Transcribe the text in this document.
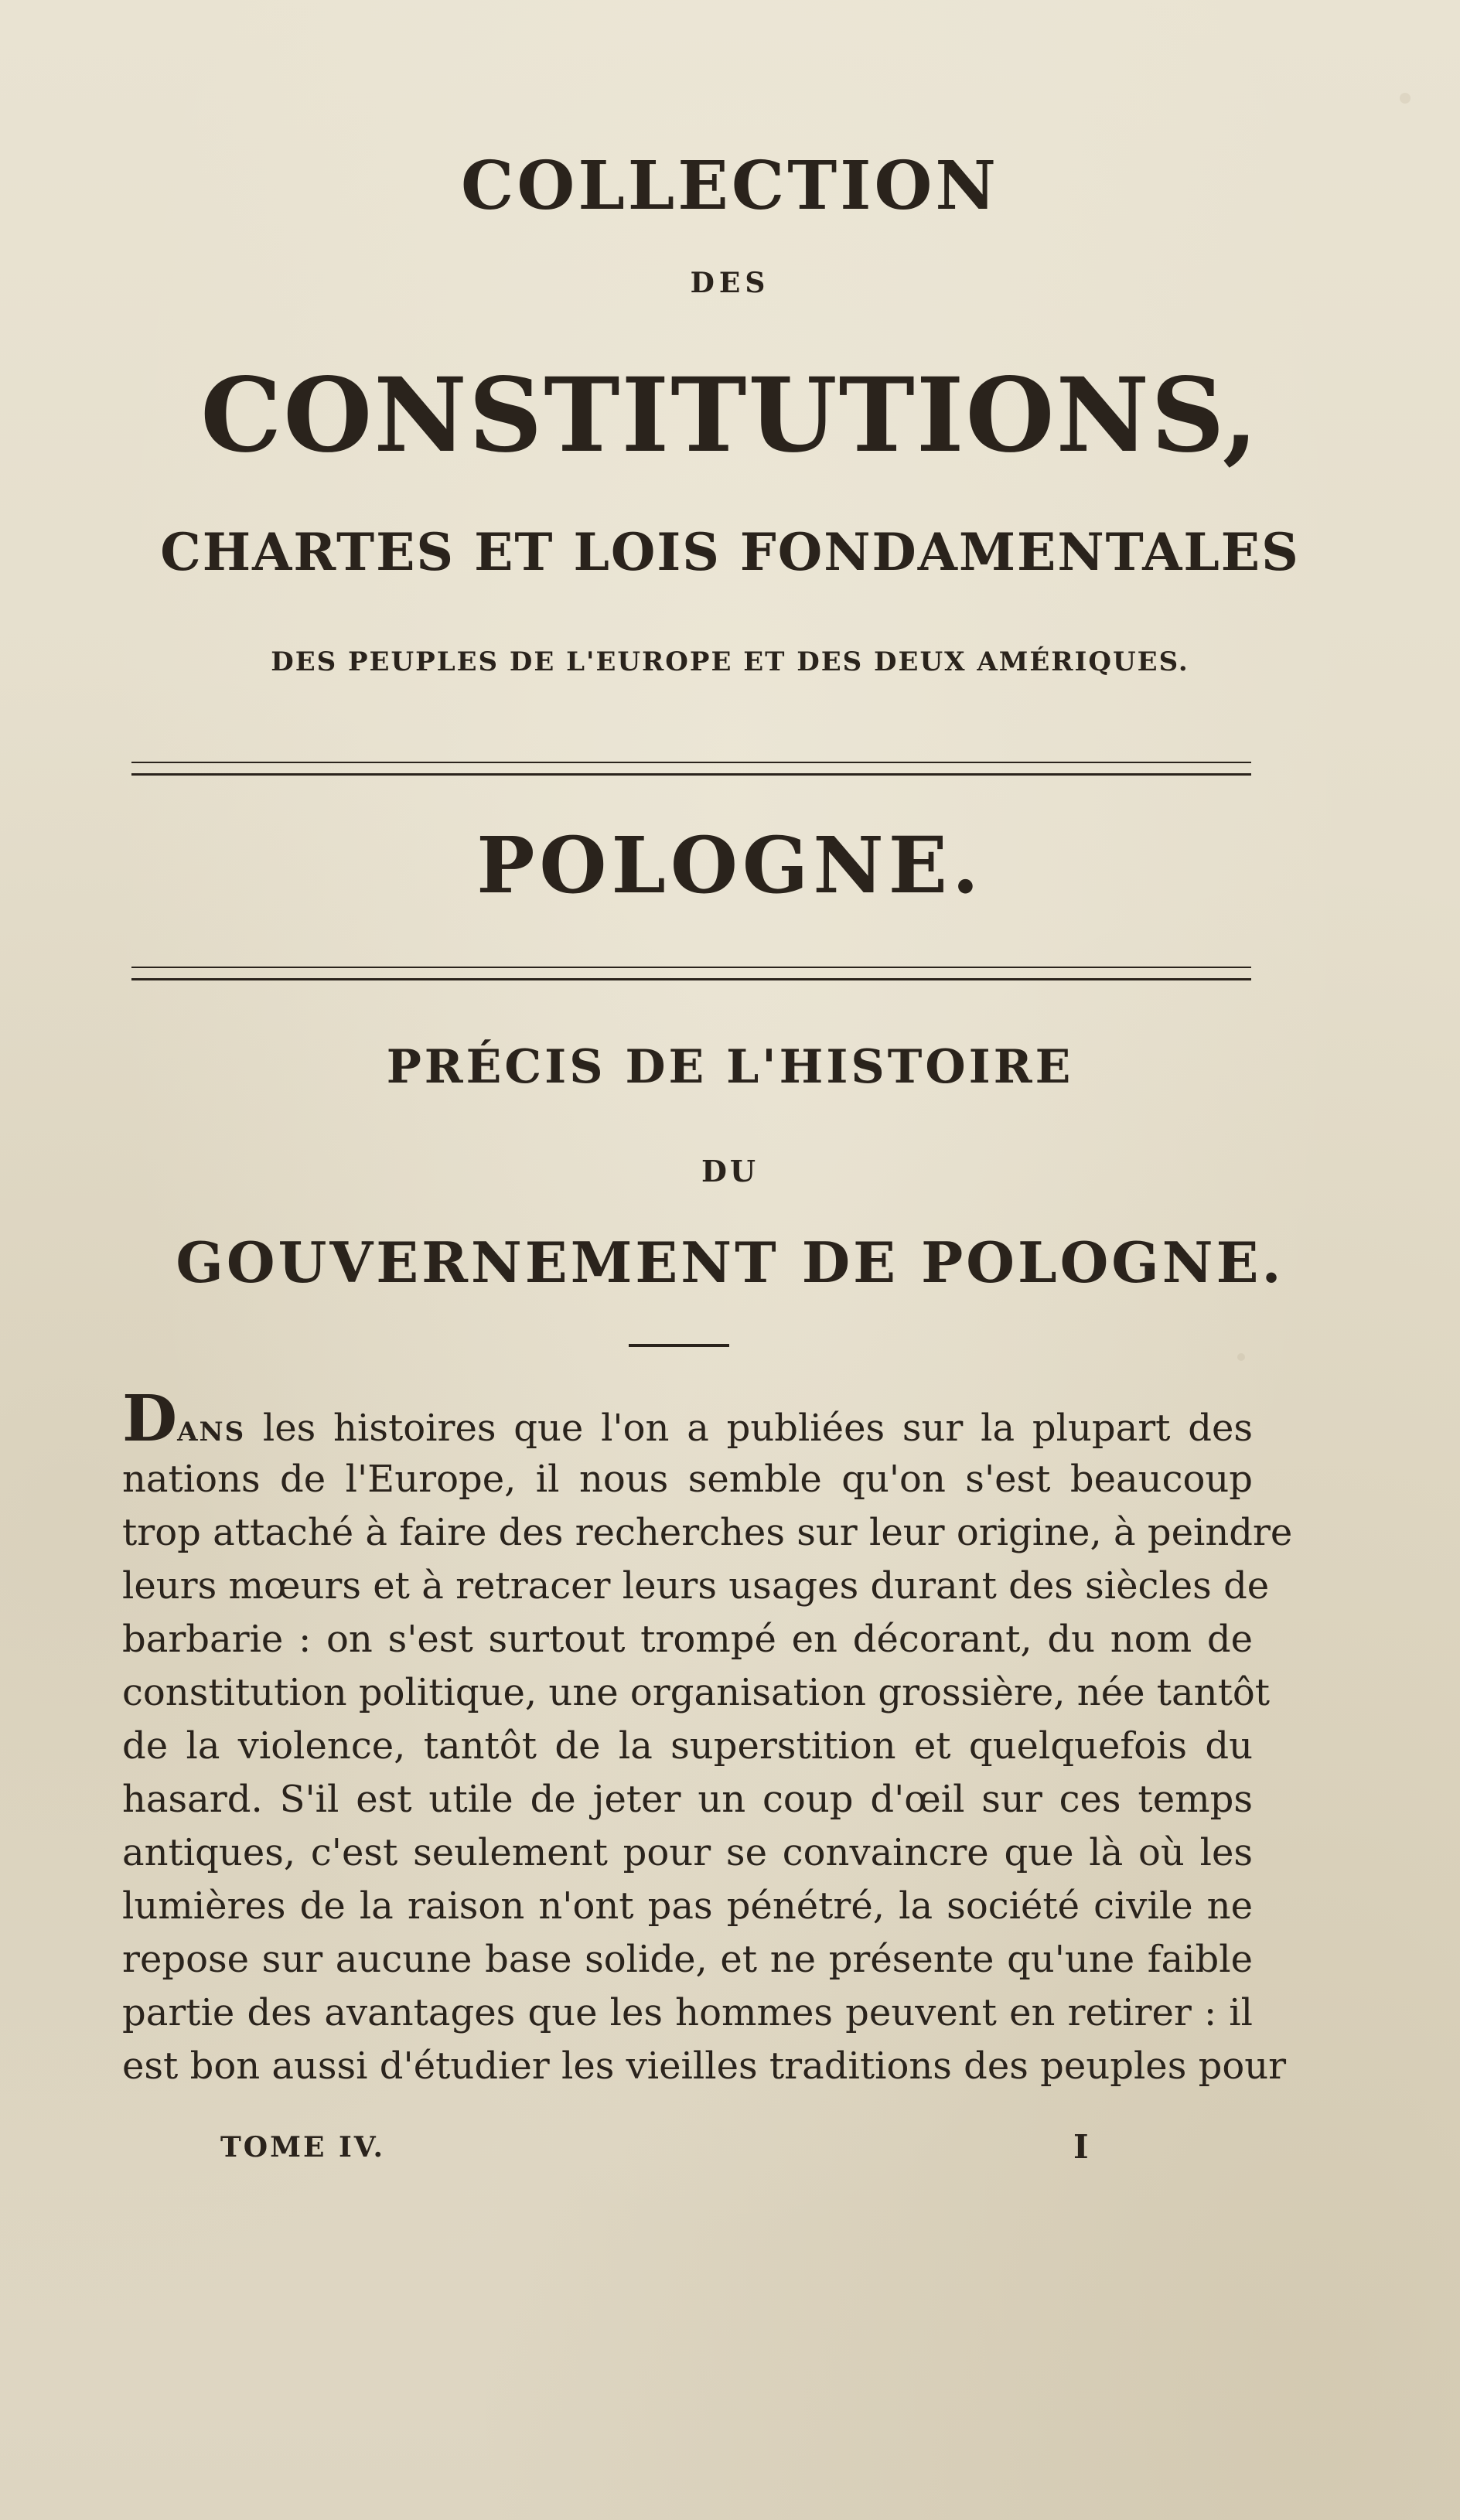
COLLECTION
DES
CONSTITUTIONS,
CHARTES ET LOIS FONDAMENTALES
DES PEUPLES DE L'EUROPE ET DES DEUX AMÉRIQUES.
POLOGNE.
PRÉCIS DE L'HISTOIRE
DU
GOUVERNEMENT DE POLOGNE.
DANS les histoires que l'on a publiées sur la plupart des
nations de l'Europe, il nous semble qu'on s'est beaucoup
trop attaché à faire des recherches sur leur origine, à peindre
leurs mœurs et à retracer leurs usages durant des siècles de
barbarie : on s'est surtout trompé en décorant, du nom de
constitution politique, une organisation grossière, née tantôt
de la violence, tantôt de la superstition et quelquefois du
hasard. S'il est utile de jeter un coup d'œil sur ces temps
antiques, c'est seulement pour se convaincre que là où les
lumières de la raison n'ont pas pénétré, la société civile ne
repose sur aucune base solide, et ne présente qu'une faible
partie des avantages que les hommes peuvent en retirer : il
est bon aussi d'étudier les vieilles traditions des peuples pour
TOME IV.	I
